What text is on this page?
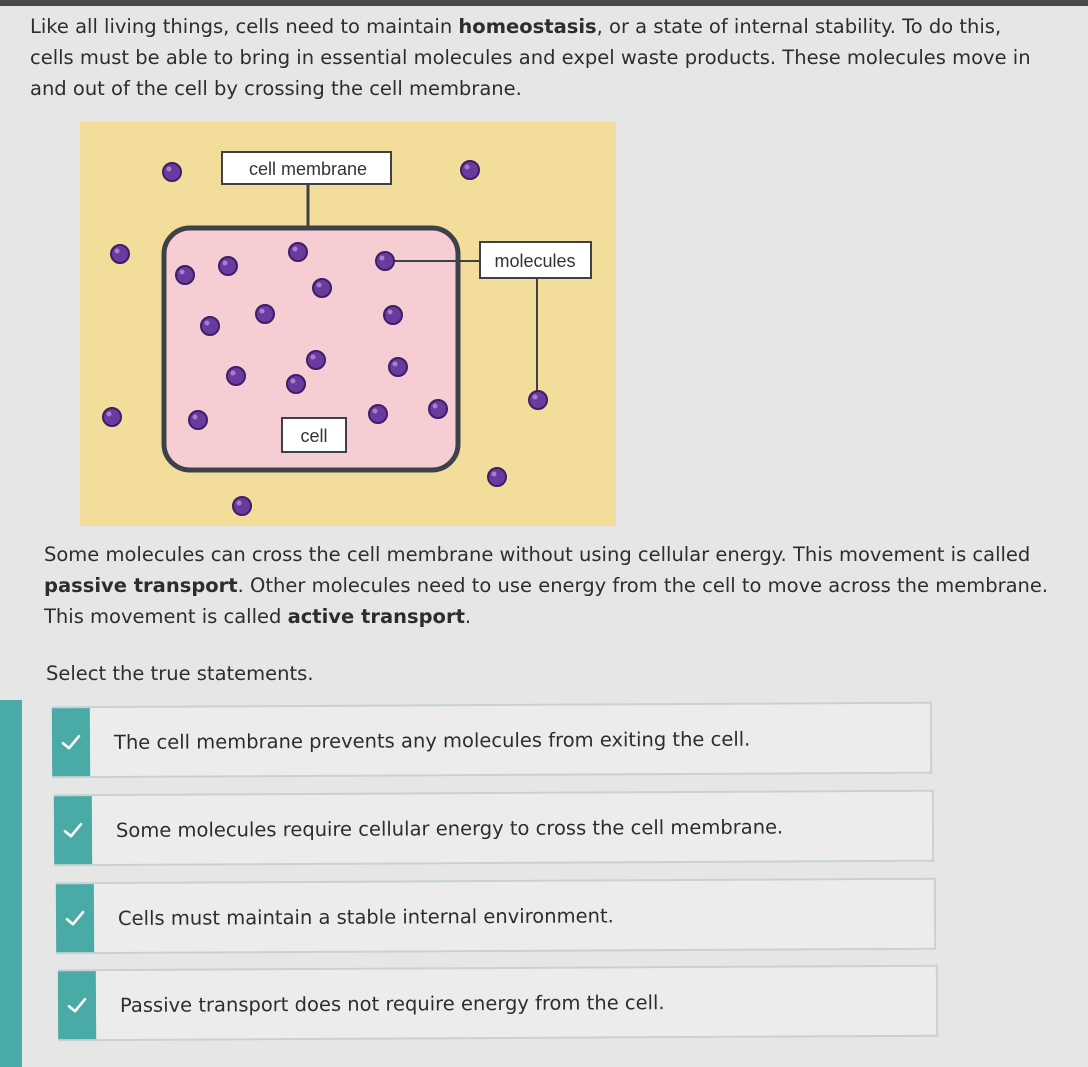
Like all living things, cells need to maintain homeostasis, or a state of internal stability. To do this, cells must be able to bring in essential molecules and expel waste products. These molecules move in and out of the cell by crossing the cell membrane.

cell membrane
molecules
cell

Some molecules can cross the cell membrane without using cellular energy. This movement is called passive transport. Other molecules need to use energy from the cell to move across the membrane. This movement is called active transport.

Select the true statements.

The cell membrane prevents any molecules from exiting the cell.
Some molecules require cellular energy to cross the cell membrane.
Cells must maintain a stable internal environment.
Passive transport does not require energy from the cell.
